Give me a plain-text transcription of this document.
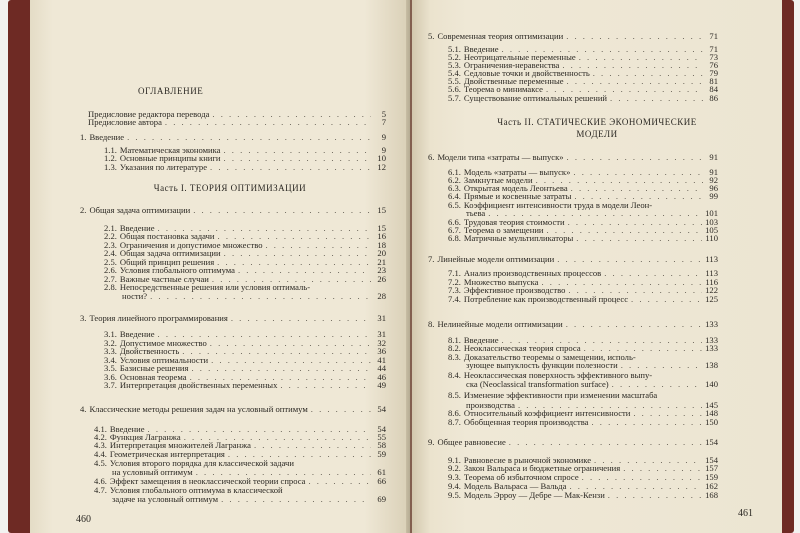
ОГЛАВЛЕНИЕ
Часть I. ТЕОРИЯ ОПТИМИЗАЦИИ
Предисловие редактора перевода . . .	5
Предисловие автора . . .	7
1. Введение . . .	9
1.1. Математическая экономика . . .	9
1.2. Основные принципы книги . . .	10
1.3. Указания по литературе . . .	12
2. Общая задача оптимизации . . .	15
2.1. Введение . . .	15
2.2. Общая постановка задачи . . .	16
2.3. Ограничения и допустимое множество . . .	18
2.4. Общая задача оптимизации . . .	20
2.5. Общий принцип решения . . .	21
2.6. Условия глобального оптимума . . .	23
2.7. Важные частные случаи . . .	26
2.8. Непосредственные решения или условия оптималь-
ности? . . .	28
3. Теория линейного программирования . . .	31
3.1. Введение . . .	31
3.2. Допустимое множество . . .	32
3.3. Двойственность . . .	36
3.4. Условия оптимальности . . .	41
3.5. Базисные решения . . .	44
3.6. Основная теорема . . .	46
3.7. Интерпретация двойственных переменных . . .	49
4. Классические методы решения задач на условный оптимум . . .	54
4.1. Введение . . .	54
4.2. Функция Лагранжа . . .	55
4.3. Интерпретация множителей Лагранжа . . .	58
4.4. Геометрическая интерпретация . . .	59
4.5. Условия второго порядка для классической задачи
на условный оптимум . . .	61
4.6. Эффект замещения в неоклассической теории спроса . . .	66
4.7. Условия глобального оптимума в классической
задаче на условный оптимум . . .	69
460
Часть II. СТАТИЧЕСКИЕ ЭКОНОМИЧЕСКИЕ
МОДЕЛИ
5. Современная теория оптимизации . . .	71
5.1. Введение . . .	71
5.2. Неотрицательные переменные . . .	73
5.3. Ограничения-неравенства . . .	76
5.4. Седловые точки и двойственность . . .	79
5.5. Двойственные переменные . . .	81
5.6. Теорема о минимаксе . . .	84
5.7. Существование оптимальных решений . . .	86
6. Модели типа «затраты — выпуск» . . .	91
6.1. Модель «затраты — выпуск» . . .	91
6.2. Замкнутые модели . . .	92
6.3. Открытая модель Леонтьева . . .	96
6.4. Прямые и косвенные затраты . . .	99
6.5. Коэффициент интенсивности труда в модели Леон-
тьева . . .	101
6.6. Трудовая теория стоимости . . .	103
6.7. Теорема о замещении . . .	105
6.8. Матричные мультипликаторы . . .	110
7. Линейные модели оптимизации . . .	113
7.1. Анализ производственных процессов . . .	113
7.2. Множество выпуска . . .	116
7.3. Эффективное производство . . .	122
7.4. Потребление как производственный процесс . . .	125
8. Нелинейные модели оптимизации . . .	133
8.1. Введение . . .	133
8.2. Неоклассическая теория спроса . . .	133
8.3. Доказательство теоремы о замещении, исполь-
зующее выпуклость функции полезности . . .	138
8.4. Неоклассическая поверхность эффективного выпу-
ска (Neoclassical transformation surface) . . .	140
8.5. Изменение эффективности при изменении масштаба
производства . . .	145
8.6. Относительный коэффициент интенсивности . . .	148
8.7. Обобщенная теория производства . . .	150
9. Общее равновесие . . .	154
9.1. Равновесие в рыночной экономике . . .	154
9.2. Закон Вальраса и бюджетные ограничения . . .	157
9.3. Теорема об избыточном спросе . . .	159
9.4. Модель Вальраса — Вальда . . .	162
9.5. Модель Эрроу — Дебре — Мак-Кензи . . .	168
461
